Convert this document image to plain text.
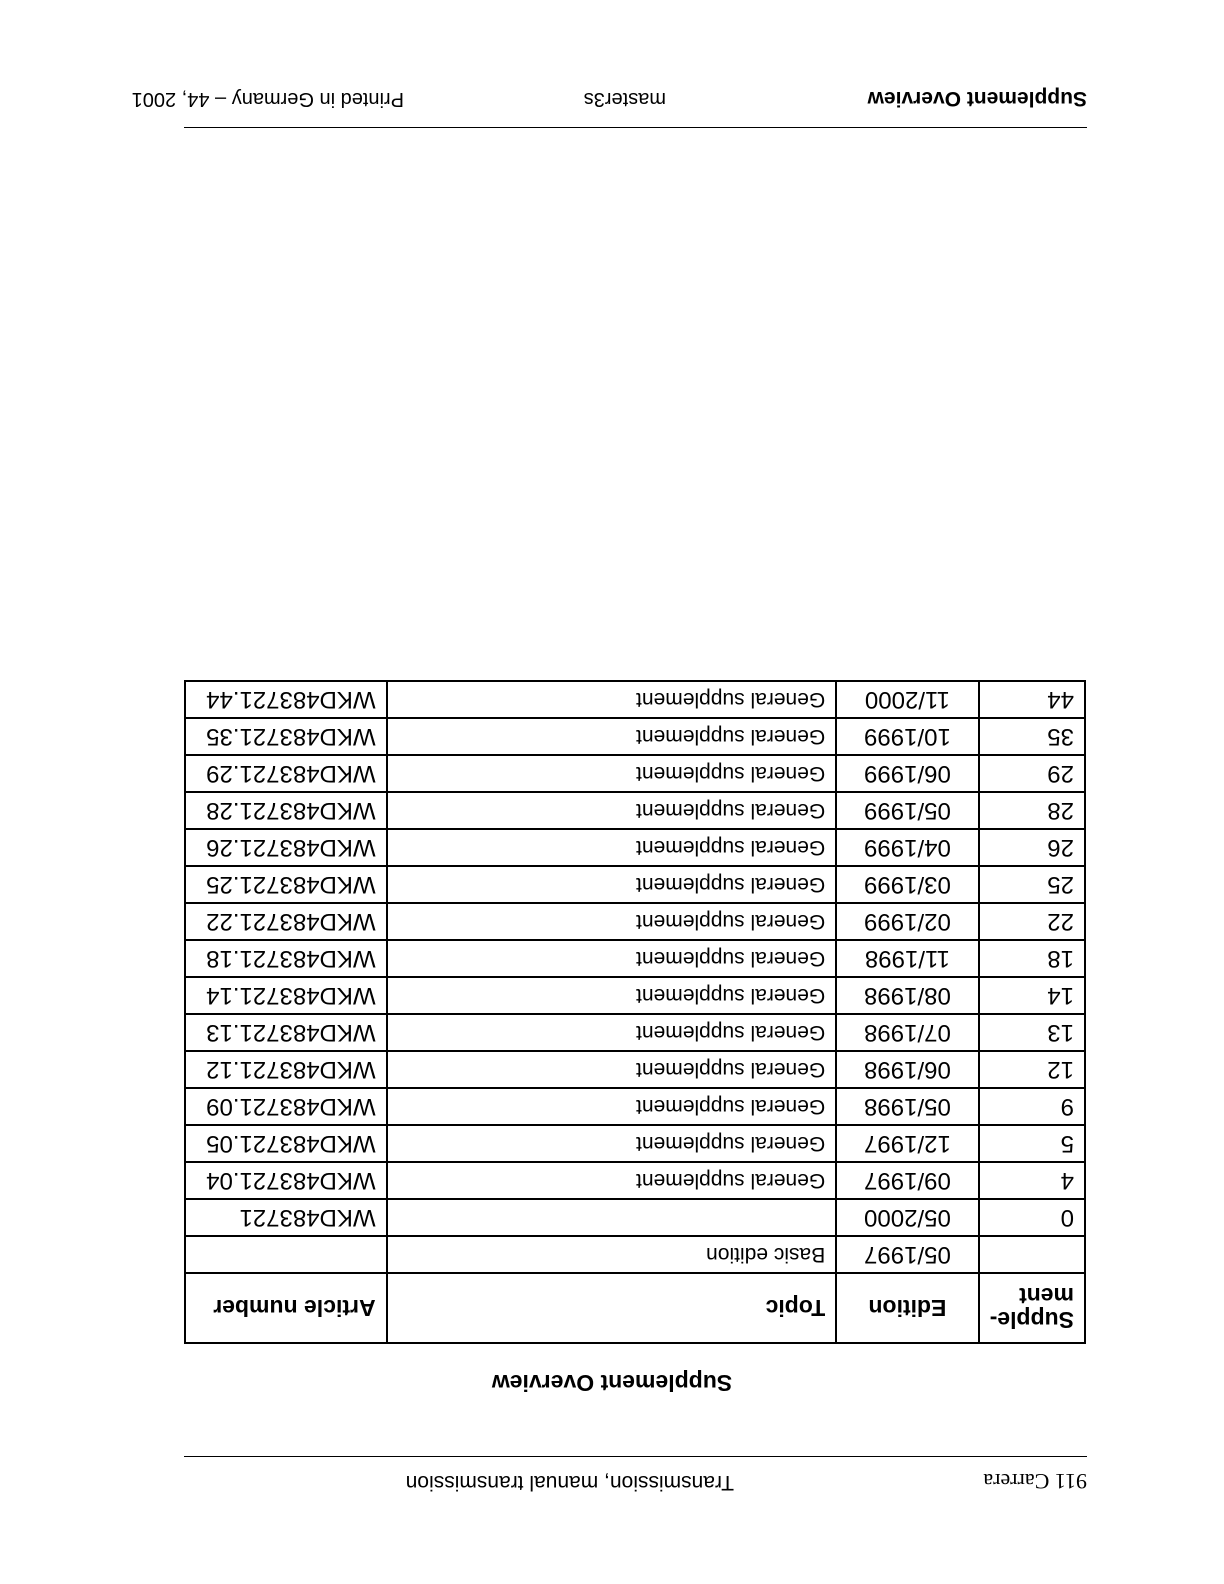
911 Carrera
Transmission, manual transmission
Supplement Overview
Supple-
ment	Edition	Topic	Article number
	05/1997	Basic edition	
0	05/2000		WKD483721
4	09/1997	General supplement	WKD483721.04
5	12/1997	General supplement	WKD483721.05
9	05/1998	General supplement	WKD483721.09
12	06/1998	General supplement	WKD483721.12
13	07/1998	General supplement	WKD483721.13
14	08/1998	General supplement	WKD483721.14
18	11/1998	General supplement	WKD483721.18
22	02/1999	General supplement	WKD483721.22
25	03/1999	General supplement	WKD483721.25
26	04/1999	General supplement	WKD483721.26
28	05/1999	General supplement	WKD483721.28
29	06/1999	General supplement	WKD483721.29
35	10/1999	General supplement	WKD483721.35
44	11/2000	General supplement	WKD483721.44
Supplement Overview
master3s
Printed in Germany – 44, 2001
